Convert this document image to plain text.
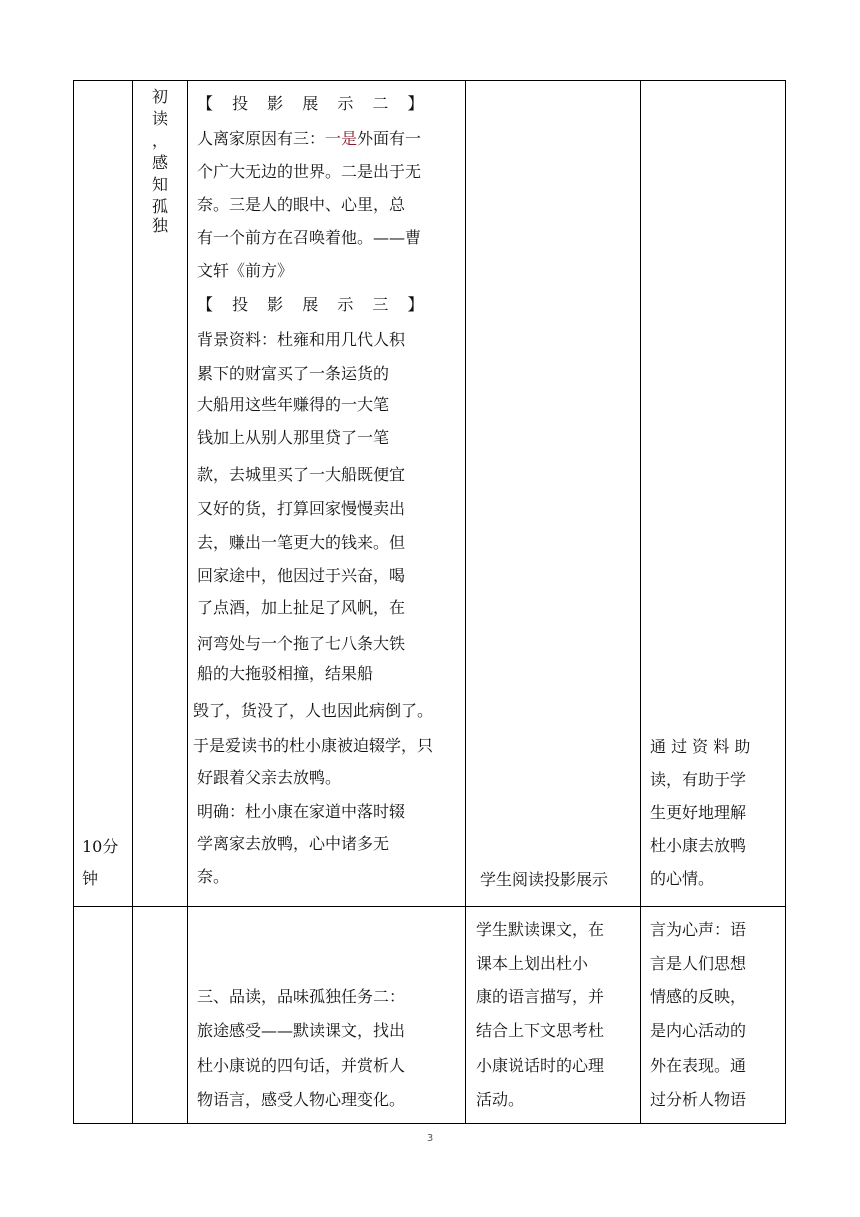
10分
钟
初
读
，
感
知
孤
独
【 投 影 展 示 二 】
人离家原因有三：一是外面有一
个广大无边的世界。二是出于无
奈。三是人的眼中、心里，总
有一个前方在召唤着他。——曹
文轩《前方》
【 投 影 展 示 三 】
背景资料：杜雍和用几代人积
累下的财富买了一条运货的
大船用这些年赚得的一大笔
钱加上从别人那里贷了一笔
款，去城里买了一大船既便宜
又好的货，打算回家慢慢卖出
去，赚出一笔更大的钱来。但
回家途中，他因过于兴奋，喝
了点酒，加上扯足了风帆，在
河弯处与一个拖了七八条大铁
船的大拖驳相撞，结果船
毁了，货没了，人也因此病倒了。
于是爱读书的杜小康被迫辍学，只
好跟着父亲去放鸭。
明确：杜小康在家道中落时辍
学离家去放鸭，心中诸多无
奈。	学生阅读投影展示
通 过 资 料 助
读，有助于学
生更好地理解
杜小康去放鸭
的心情。
三、品读，品味孤独任务二：
旅途感受——默读课文，找出
杜小康说的四句话，并赏析人
物语言，感受人物心理变化。
学生默读课文，在
课本上划出杜小
康的语言描写，并
结合上下文思考杜
小康说话时的心理
活动。
言为心声：语
言是人们思想
情感的反映，
是内心活动的
外在表现。通
过分析人物语
3
